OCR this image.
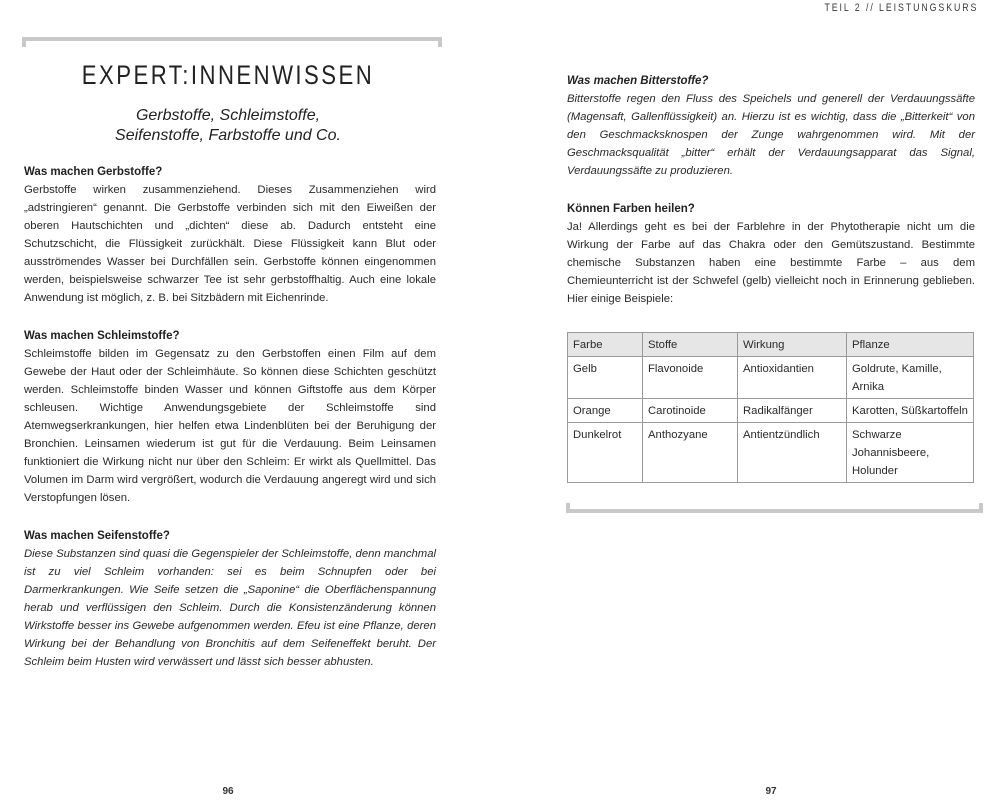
TEIL 2 // LEISTUNGSKURS
EXPERT:INNENWISSEN
Gerbstoffe, Schleimstoffe,
Seifenstoffe, Farbstoffe und Co.

Was machen Gerbstoffe?

Gerbstoffe wirken zusammenziehend. Dieses Zusammenziehen wird „adstringieren“ genannt. Die Gerbstoffe verbinden sich mit den Eiweißen der oberen Hautschichten und „dichten“ diese ab. Dadurch entsteht eine Schutzschicht, die Flüssigkeit zurückhält. Diese Flüssigkeit kann Blut oder ausströmendes Wasser bei Durchfällen sein. Gerbstoffe können eingenommen werden, beispielsweise schwarzer Tee ist sehr gerbstoffhaltig. Auch eine lokale Anwendung ist möglich, z. B. bei Sitzbädern mit Eichenrinde.

Was machen Schleimstoffe?

Schleimstoffe bilden im Gegensatz zu den Gerbstoffen einen Film auf dem Gewebe der Haut oder der Schleimhäute. So können diese Schichten geschützt werden. Schleimstoffe binden Wasser und können Giftstoffe aus dem Körper schleusen. Wichtige Anwendungsgebiete der Schleimstoffe sind Atemwegserkrankungen, hier helfen etwa Lindenblüten bei der Beruhigung der Bronchien. Leinsamen wiederum ist gut für die Verdauung. Beim Leinsamen funktioniert die Wirkung nicht nur über den Schleim: Er wirkt als Quellmittel. Das Volumen im Darm wird vergrößert, wodurch die Verdauung angeregt wird und sich Verstopfungen lösen.

Was machen Seifenstoffe?

Diese Substanzen sind quasi die Gegenspieler der Schleimstoffe, denn manchmal ist zu viel Schleim vorhanden: sei es beim Schnupfen oder bei Darmerkrankungen. Wie Seife setzen die „Saponine“ die Oberflächenspannung herab und verflüssigen den Schleim. Durch die Konsistenzänderung können Wirkstoffe besser ins Gewebe aufgenommen werden. Efeu ist eine Pflanze, deren Wirkung bei der Behandlung von Bronchitis auf dem Seifeneffekt beruht. Der Schleim beim Husten wird verwässert und lässt sich besser abhusten.

96

Was machen Bitterstoffe?

Bitterstoffe regen den Fluss des Speichels und generell der Verdauungssäfte (Magensaft, Gallenflüssigkeit) an. Hierzu ist es wichtig, dass die „Bitterkeit“ von den Geschmacksknospen der Zunge wahrgenommen wird. Mit der Geschmacksqualität „bitter“ erhält der Verdauungsapparat das Signal, Verdauungssäfte zu produzieren.

Können Farben heilen?

Ja! Allerdings geht es bei der Farblehre in der Phytotherapie nicht um die Wirkung der Farbe auf das Chakra oder den Gemütszustand. Bestimmte chemische Substanzen haben eine bestimmte Farbe – aus dem Chemieunterricht ist der Schwefel (gelb) vielleicht noch in Erinnerung geblieben. Hier einige Beispiele:

Farbe	Stoffe	Wirkung	Pflanze
Gelb	Flavonoide	Antioxidantien	Goldrute, Kamille, Arnika
Orange	Carotinoide	Radikalfänger	Karotten, Süßkartoffeln
Dunkelrot	Anthozyane	Antientzündlich	Schwarze Johannisbeere, Holunder
97
